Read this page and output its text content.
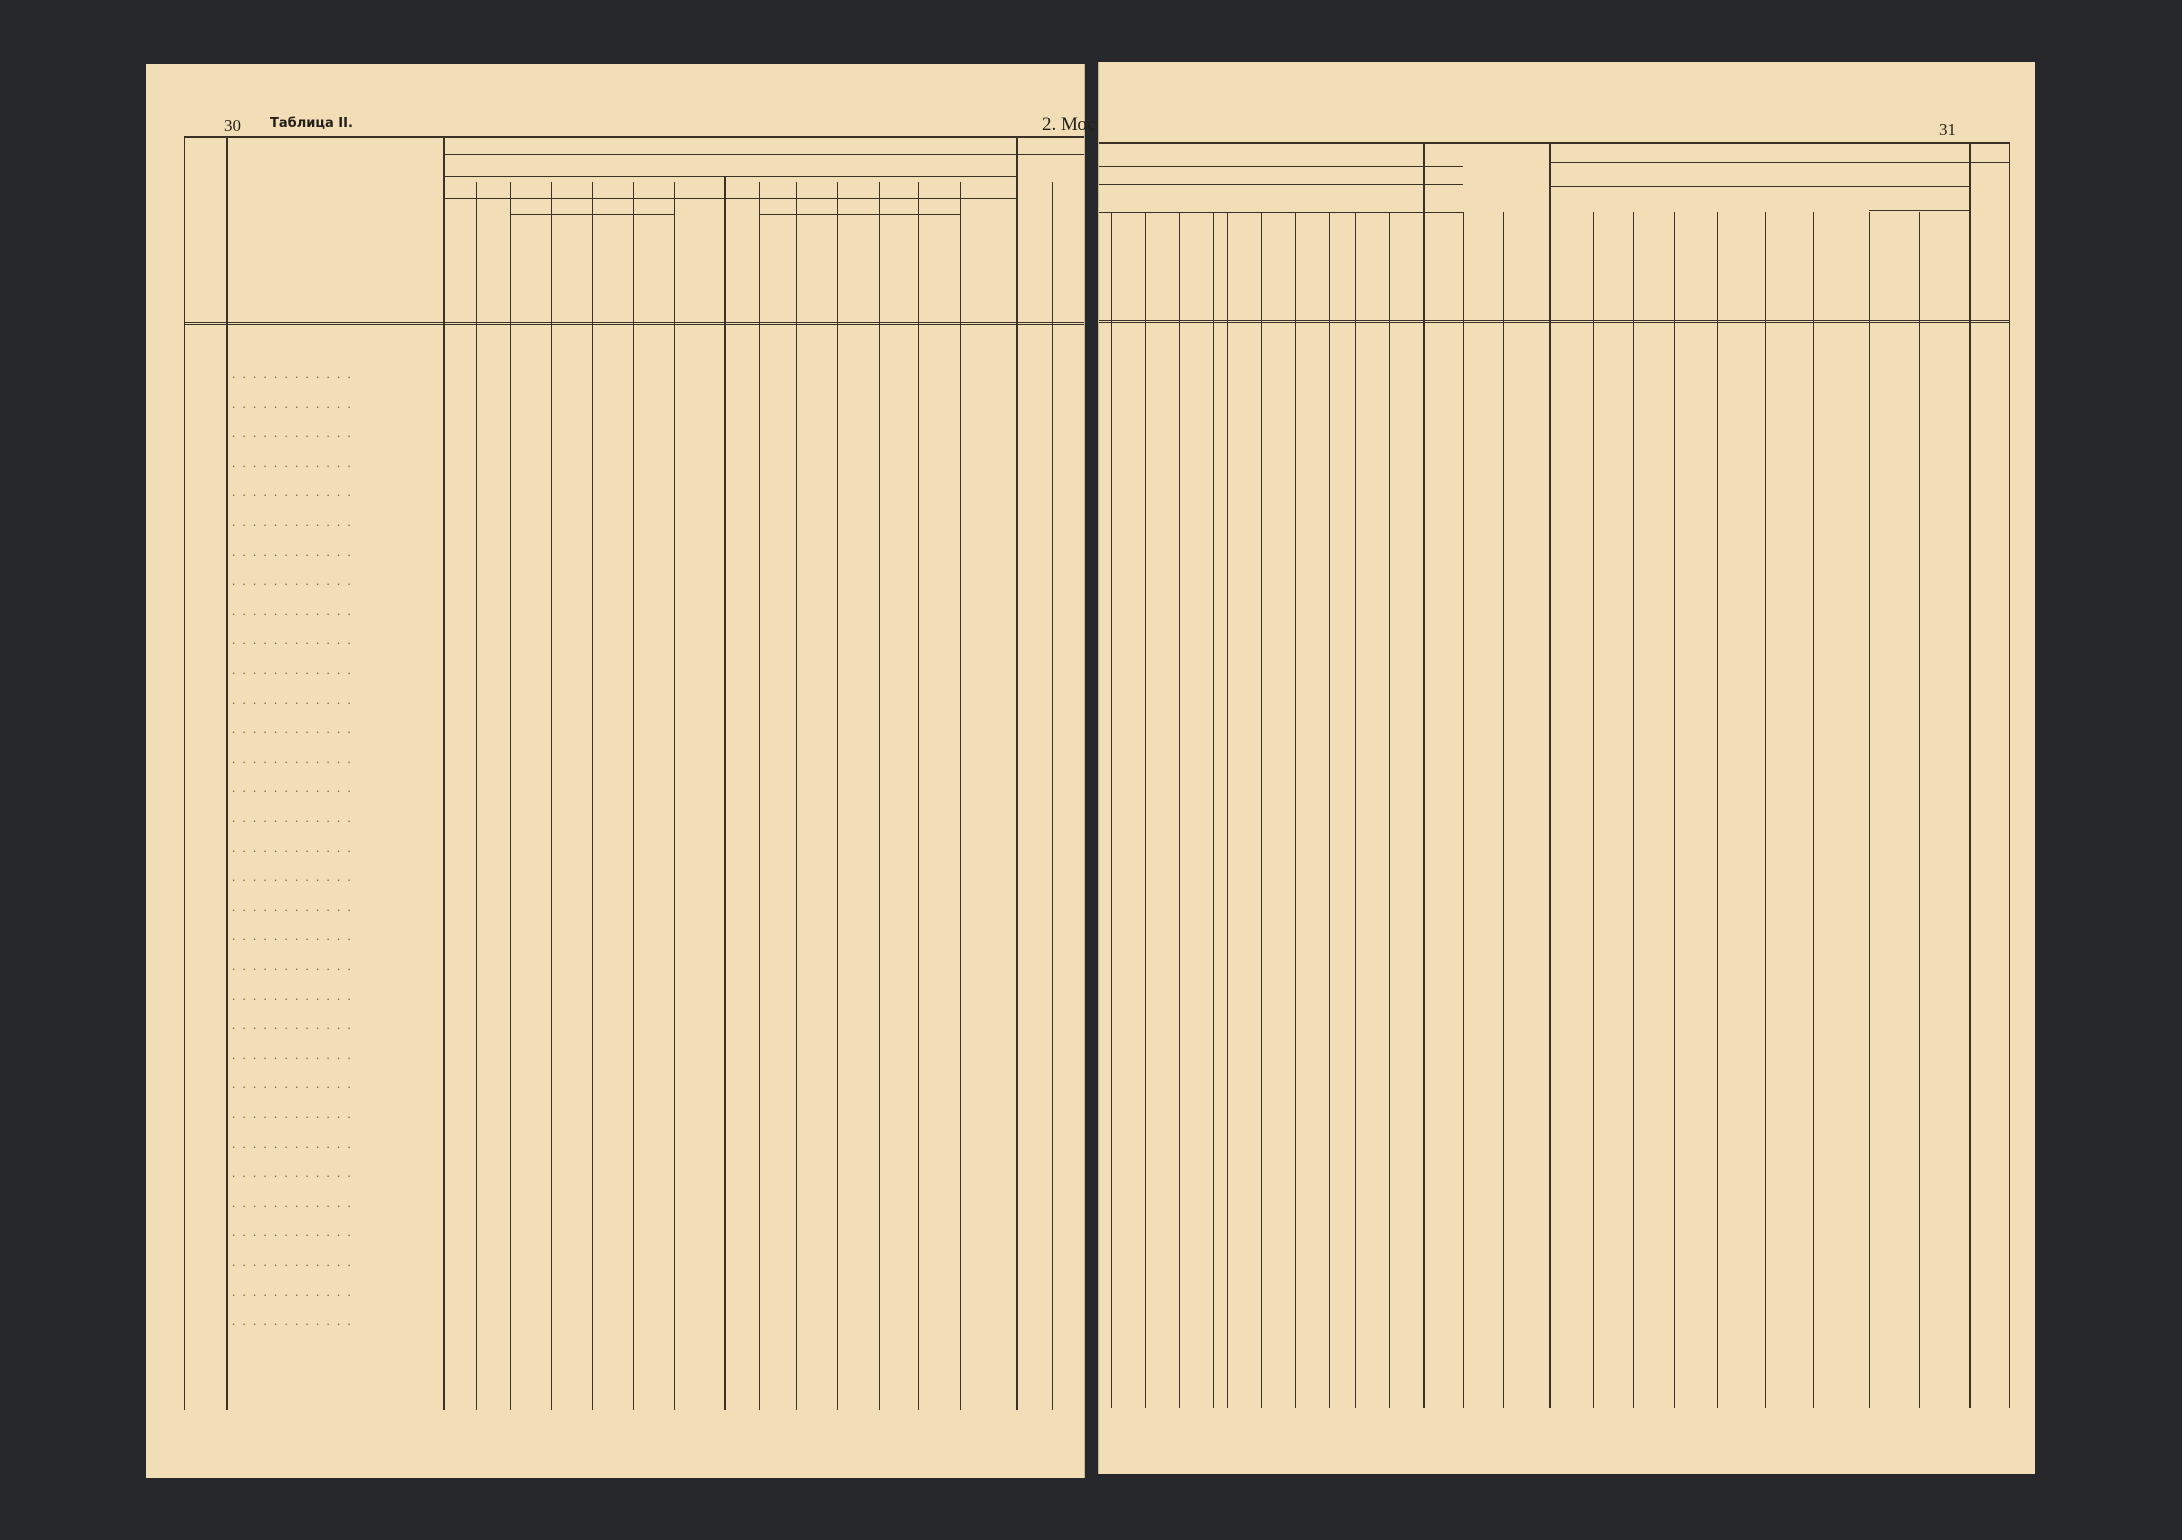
30 Таблица II.	2. Мос
. . . . . . . . . . . .
. . . . . . . . . . . .
. . . . . . . . . . . .
. . . . . . . . . . . .
. . . . . . . . . . . .
. . . . . . . . . . . .
. . . . . . . . . . . .
. . . . . . . . . . . .
. . . . . . . . . . . .
. . . . . . . . . . . .
. . . . . . . . . . . .
. . . . . . . . . . . .
. . . . . . . . . . . .
. . . . . . . . . . . .
. . . . . . . . . . . .
. . . . . . . . . . . .
. . . . . . . . . . . .
. . . . . . . . . . . .
. . . . . . . . . . . .
. . . . . . . . . . . .
. . . . . . . . . . . .
. . . . . . . . . . . .
. . . . . . . . . . . .
. . . . . . . . . . . .
. . . . . . . . . . . .
. . . . . . . . . . . .
. . . . . . . . . . . .
. . . . . . . . . . . .
. . . . . . . . . . . .
. . . . . . . . . . . .
. . . . . . . . . . . .
. . . . . . . . . . . .
. . . . . . . . . . . .
31
